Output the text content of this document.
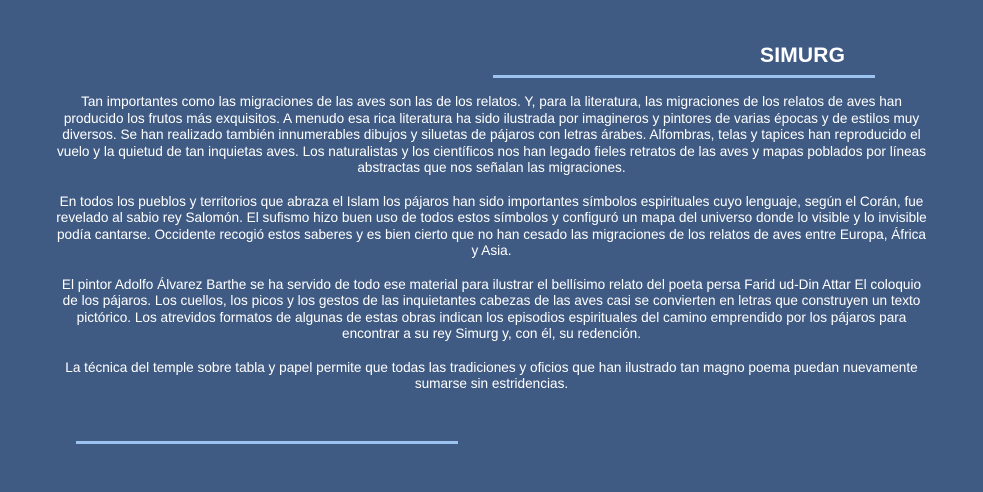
SIMURG

Tan importantes como las migraciones de las aves son las de los relatos. Y, para la literatura, las migraciones de los relatos de aves han producido los frutos más exquisitos. A menudo esa rica literatura ha sido ilustrada por imagineros y pintores de varias épocas y de estilos muy diversos. Se han realizado también innumerables dibujos y siluetas de pájaros con letras árabes. Alfombras, telas y tapices han reproducido el vuelo y la quietud de tan inquietas aves. Los naturalistas y los científicos nos han legado fieles retratos de las aves y mapas poblados por líneas abstractas que nos señalan las migraciones.

En todos los pueblos y territorios que abraza el Islam los pájaros han sido importantes símbolos espirituales cuyo lenguaje, según el Corán, fue revelado al sabio rey Salomón. El sufismo hizo buen uso de todos estos símbolos y configuró un mapa del universo donde lo visible y lo invisible podía cantarse. Occidente recogió estos saberes y es bien cierto que no han cesado las migraciones de los relatos de aves entre Europa, África y Asia.

El pintor Adolfo Álvarez Barthe se ha servido de todo ese material para ilustrar el bellísimo relato del poeta persa Farid ud-Din Attar El coloquio de los pájaros. Los cuellos, los picos y los gestos de las inquietantes cabezas de las aves casi se convierten en letras que construyen un texto pictórico. Los atrevidos formatos de algunas de estas obras indican los episodios espirituales del camino emprendido por los pájaros para encontrar a su rey Simurg y, con él, su redención.

La técnica del temple sobre tabla y papel permite que todas las tradiciones y oficios que han ilustrado tan magno poema puedan nuevamente sumarse sin estridencias.
